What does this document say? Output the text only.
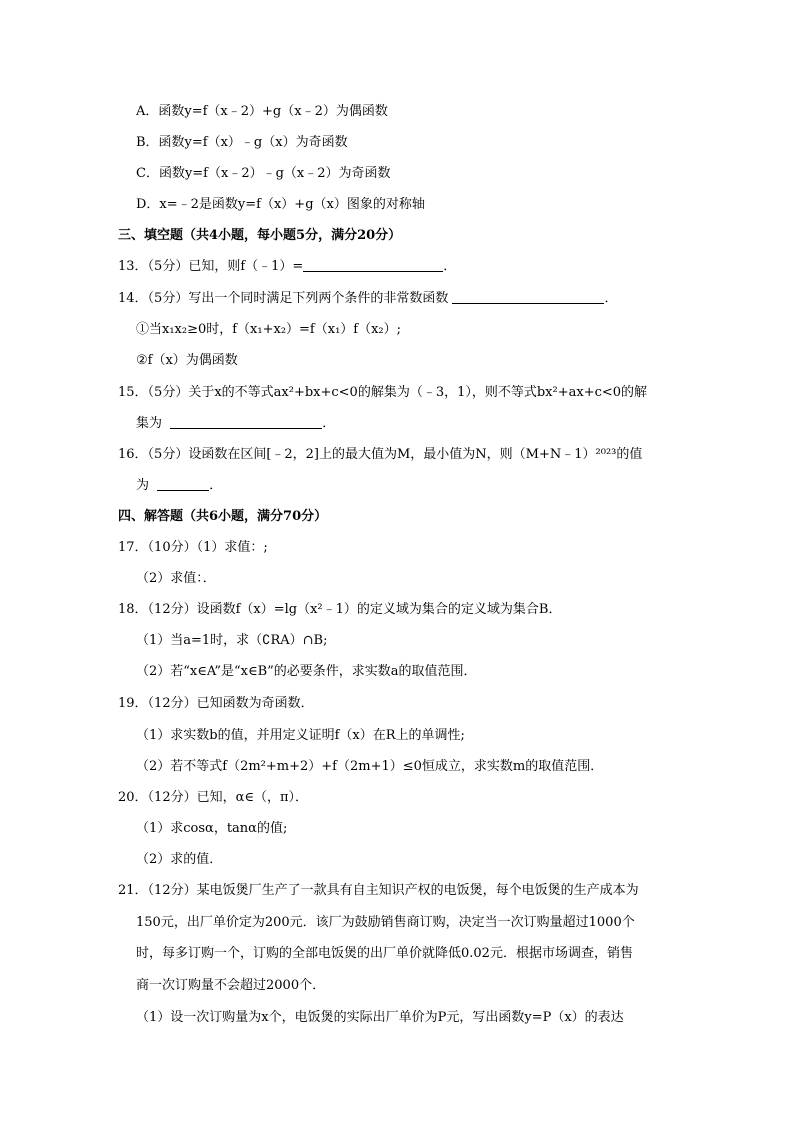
A．函数y=f（x﹣2）+g（x﹣2）为偶函数
B．函数y=f（x）﹣g（x）为奇函数
C．函数y=f（x﹣2）﹣g（x﹣2）为奇函数
D．x=﹣2是函数y=f（x）+g（x）图象的对称轴
三、填空题（共4小题，每小题5分，满分20分）
13．（5分）已知，则f（﹣1）=	．
14．（5分）写出一个同时满足下列两个条件的非常数函数	．
①当x₁x₂≥0时，f（x₁+x₂）=f（x₁）f（x₂）;
②f（x）为偶函数
15．（5分）关于x的不等式ax²+bx+c<0的解集为（﹣3，1），则不等式bx²+ax+c<0的解
集为	．
16．（5分）设函数在区间[﹣2，2]上的最大值为M，最小值为N，则（M+N﹣1）²⁰²³的值
为	．
四、解答题（共6小题，满分70分）
17．（10分）（1）求值：;
（2）求值：．
18．（12分）设函数f（x）=lg（x²﹣1）的定义域为集合的定义域为集合B．
（1）当a=1时，求（∁RA）∩B;
（2）若“x∈A”是“x∈B”的必要条件，求实数a的取值范围．
19．（12分）已知函数为奇函数．
（1）求实数b的值，并用定义证明f（x）在R上的单调性;
（2）若不等式f（2m²+m+2）+f（2m+1）≤0恒成立，求实数m的取值范围．
20．（12分）已知，α∈（，π）．
（1）求cosα，tanα的值;
（2）求的值．
21．（12分）某电饭煲厂生产了一款具有自主知识产权的电饭煲，每个电饭煲的生产成本为
150元，出厂单价定为200元．该厂为鼓励销售商订购，决定当一次订购量超过1000个
时，每多订购一个，订购的全部电饭煲的出厂单价就降低0.02元．根据市场调查，销售
商一次订购量不会超过2000个．
（1）设一次订购量为x个，电饭煲的实际出厂单价为P元，写出函数y=P（x）的表达
